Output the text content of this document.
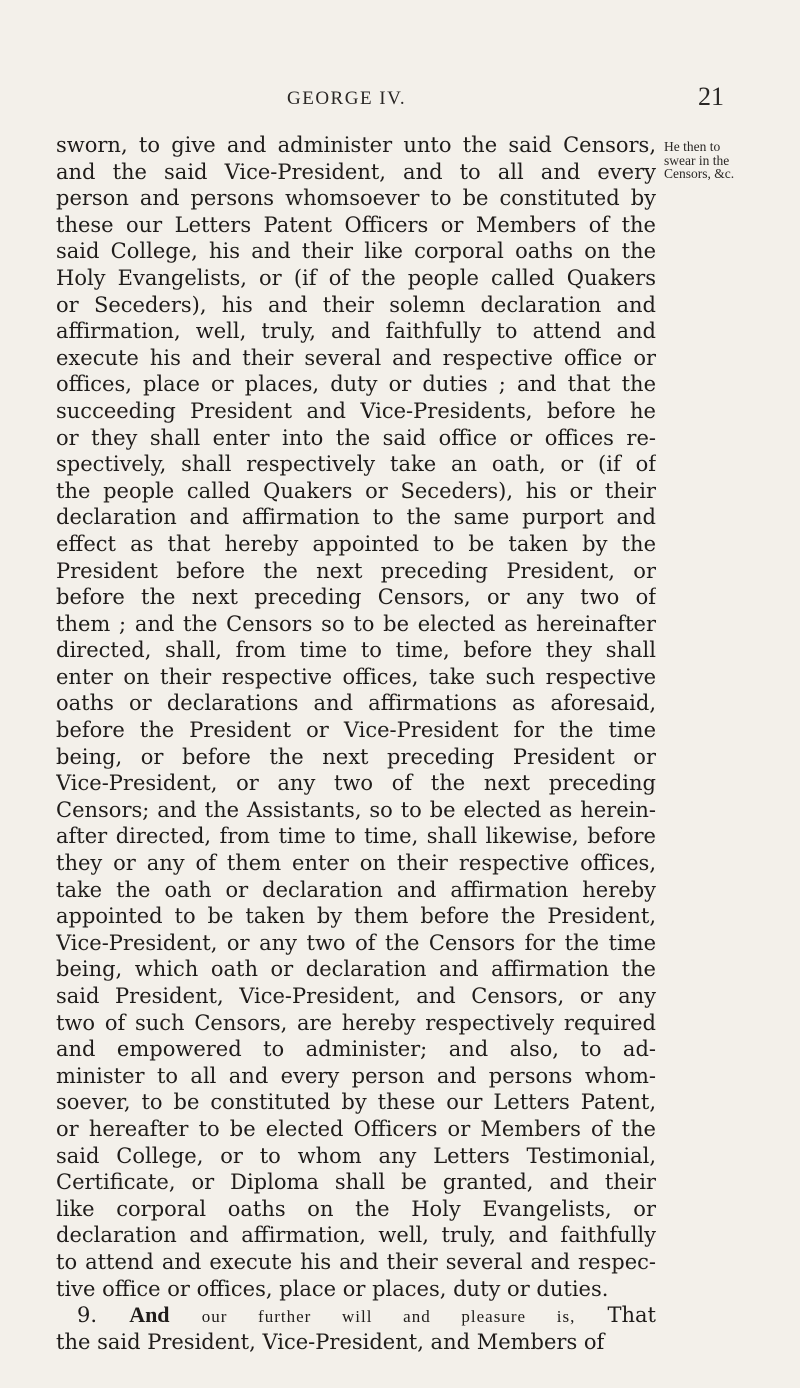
GEORGE IV.	21
He then to
swear in the
Censors, &c.
sworn, to give and administer unto the said Censors,
and the said Vice-President, and to all and every
person and persons whomsoever to be constituted by
these our Letters Patent Officers or Members of the
said College, his and their like corporal oaths on the
Holy Evangelists, or (if of the people called Quakers
or Seceders), his and their solemn declaration and
affirmation, well, truly, and faithfully to attend and
execute his and their several and respective office or
offices, place or places, duty or duties ; and that the
succeeding President and Vice-Presidents, before he
or they shall enter into the said office or offices re-
spectively, shall respectively take an oath, or (if of
the people called Quakers or Seceders), his or their
declaration and affirmation to the same purport and
effect as that hereby appointed to be taken by the
President before the next preceding President, or
before the next preceding Censors, or any two of
them ; and the Censors so to be elected as hereinafter
directed, shall, from time to time, before they shall
enter on their respective offices, take such respective
oaths or declarations and affirmations as aforesaid,
before the President or Vice-President for the time
being, or before the next preceding President or
Vice-President, or any two of the next preceding
Censors; and the Assistants, so to be elected as herein-
after directed, from time to time, shall likewise, before
they or any of them enter on their respective offices,
take the oath or declaration and affirmation hereby
appointed to be taken by them before the President,
Vice-President, or any two of the Censors for the time
being, which oath or declaration and affirmation the
said President, Vice-President, and Censors, or any
two of such Censors, are hereby respectively required
and empowered to administer; and also, to ad-
minister to all and every person and persons whom-
soever, to be constituted by these our Letters Patent,
or hereafter to be elected Officers or Members of the
said College, or to whom any Letters Testimonial,
Certificate, or Diploma shall be granted, and their
like corporal oaths on the Holy Evangelists, or
declaration and affirmation, well, truly, and faithfully
to attend and execute his and their several and respec-
tive office or offices, place or places, duty or duties.
9. And our further will and pleasure is, That
the said President, Vice-President, and Members of
